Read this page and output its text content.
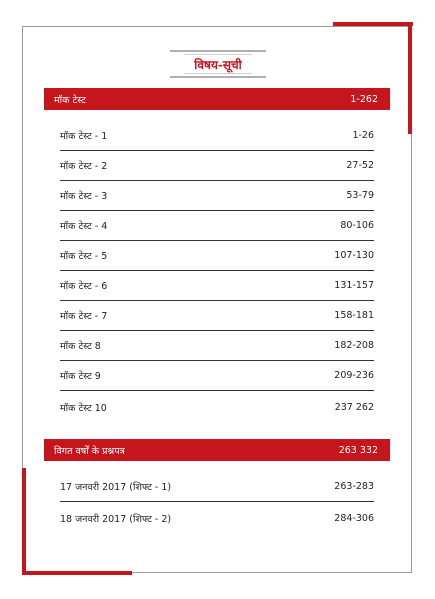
विषय-सूची
मॉक टेस्ट	1-262
मॉक टेस्ट - 1	1-26
मॉक टेस्ट - 2	27-52
मॉक टेस्ट - 3	53-79
मॉक टेस्ट - 4	80-106
मॉक टेस्ट - 5	107-130
मॉक टेस्ट - 6	131-157
मॉक टेस्ट - 7	158-181
मॉक टेस्ट 8	182-208
मॉक टेस्ट 9	209-236
मॉक टेस्ट 10	237 262
विगत वर्षों के प्रश्नपत्र	263 332
17 जनवरी 2017 (शिफ्ट - 1)	263-283
18 जनवरी 2017 (शिफ्ट - 2)	284-306
